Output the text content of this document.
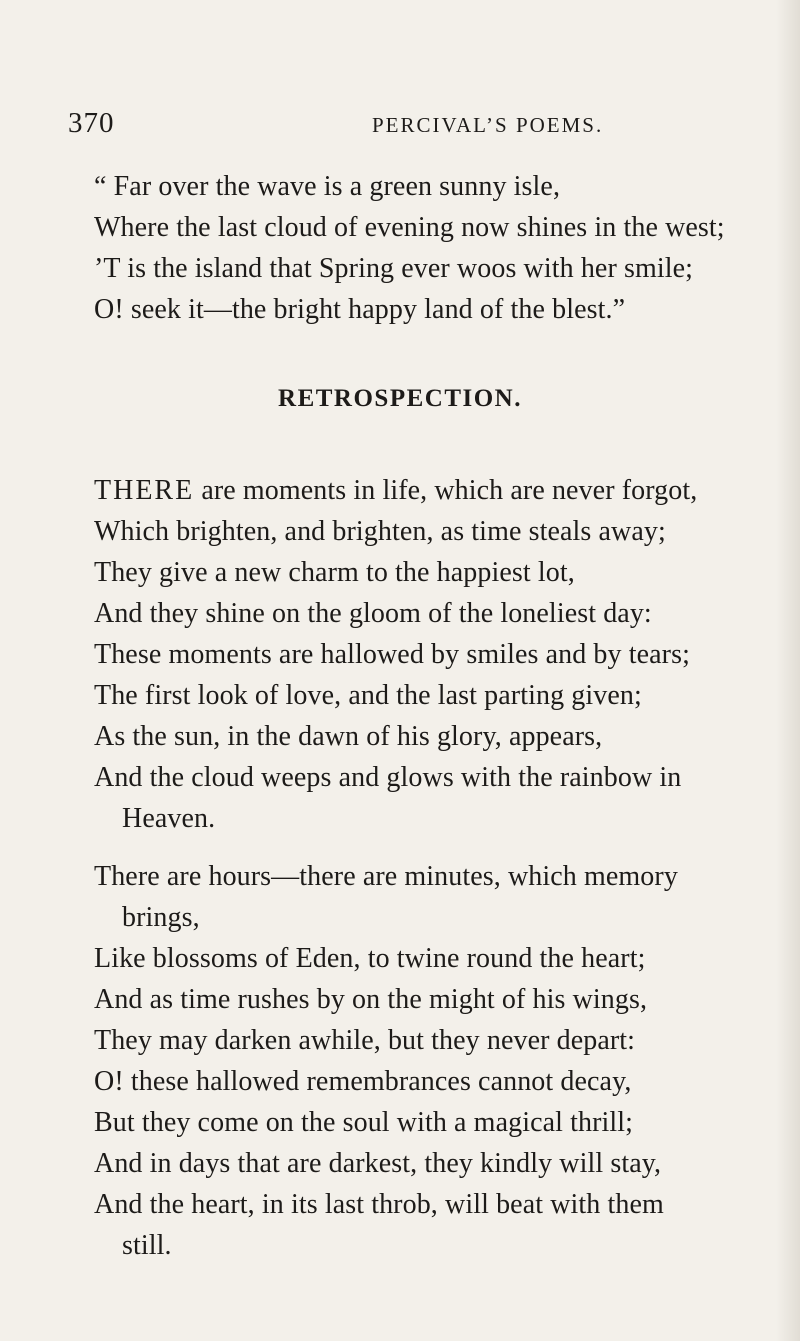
370	PERCIVAL’S POEMS.
“ Far over the wave is a green sunny isle,
Where the last cloud of evening now shines in the west;
’T is the island that Spring ever woos with her smile;
O! seek it—the bright happy land of the blest.”
RETROSPECTION.
THERE are moments in life, which are never forgot,
Which brighten, and brighten, as time steals away;
They give a new charm to the happiest lot,
And they shine on the gloom of the loneliest day:
These moments are hallowed by smiles and by tears;
The first look of love, and the last parting given;
As the sun, in the dawn of his glory, appears,
And the cloud weeps and glows with the rainbow in
Heaven.
There are hours—there are minutes, which memory
brings,
Like blossoms of Eden, to twine round the heart;
And as time rushes by on the might of his wings,
They may darken awhile, but they never depart:
O! these hallowed remembrances cannot decay,
But they come on the soul with a magical thrill;
And in days that are darkest, they kindly will stay,
And the heart, in its last throb, will beat with them
still.
